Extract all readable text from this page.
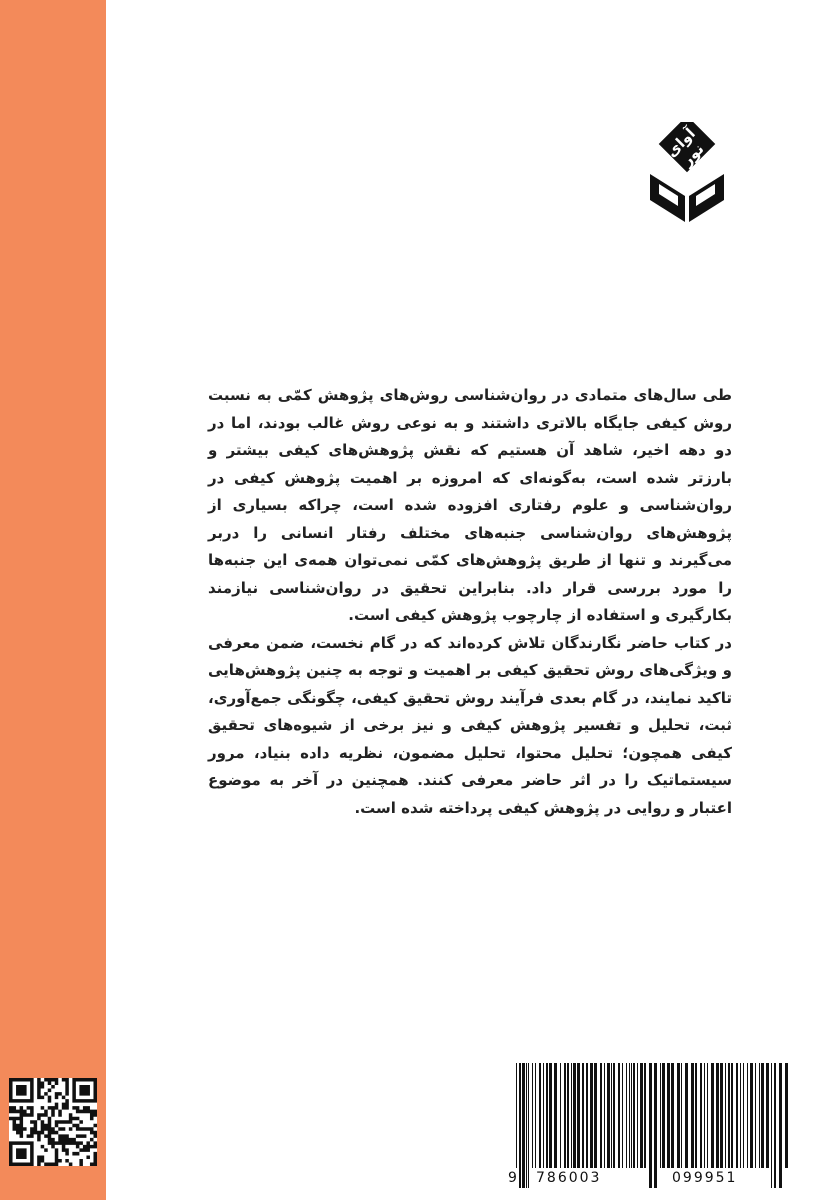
آوای نور

طی سال‌های متمادی در روان‌شناسی روش‌های پژوهش کمّی به نسبت روش کیفی جایگاه بالاتری داشتند و به نوعی روش غالب بودند، اما در دو دهه اخیر، شاهد آن هستیم که نقش پژوهش‌های کیفی بیشتر و بارزتر شده است، به‌گونه‌ای که امروزه بر اهمیت پژوهش کیفی در روان‌شناسی و علوم رفتاری افزوده شده است، چراکه بسیاری از پژوهش‌های روان‌شناسی جنبه‌های مختلف رفتار انسانی را دربر می‌گیرند و تنها از طریق پژوهش‌های کمّی نمی‌توان همه‌ی این جنبه‌ها را مورد بررسی قرار داد. بنابراین تحقیق در روان‌شناسی نیازمند بکارگیری و استفاده از چارچوب پژوهش کیفی است.

در کتاب حاضر نگارندگان تلاش کرده‌اند که در گام نخست، ضمن معرفی و ویژگی‌های روش تحقیق کیفی بر اهمیت و توجه به چنین پژوهش‌هایی تاکید نمایند، در گام بعدی فرآیند روش تحقیق کیفی، چگونگی جمع‌آوری، ثبت، تحلیل و تفسیر پژوهش کیفی و نیز برخی از شیوه‌های تحقیق کیفی همچون؛ تحلیل محتوا، تحلیل مضمون، نظریه داده بنیاد، مرور سیستماتیک را در اثر حاضر معرفی کنند. همچنین در آخر به موضوع اعتبار و روایی در پژوهش کیفی پرداخته شده است.

9 786003	099951
